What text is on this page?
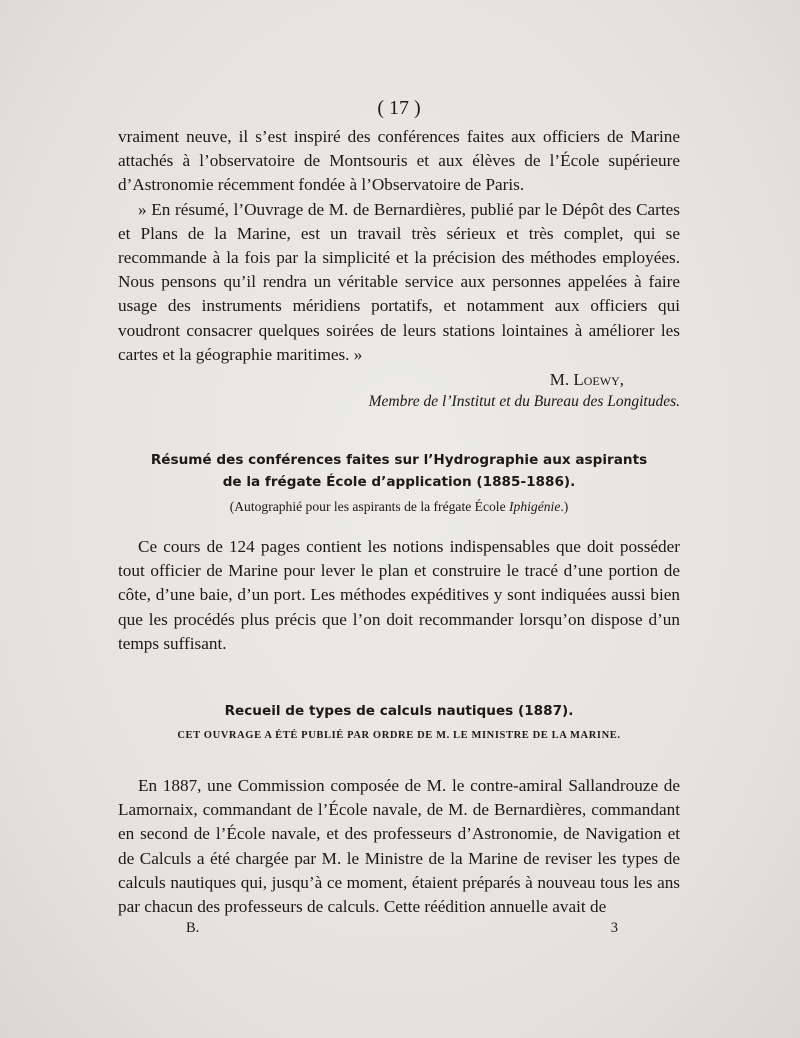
( 17 )

vraiment neuve, il s’est inspiré des conférences faites aux officiers de Marine attachés à l’observatoire de Montsouris et aux élèves de l’École supérieure d’Astronomie récemment fondée à l’Observatoire de Paris.

» En résumé, l’Ouvrage de M. de Bernardières, publié par le Dépôt des Cartes et Plans de la Marine, est un travail très sérieux et très complet, qui se recommande à la fois par la simplicité et la précision des méthodes employées. Nous pensons qu’il rendra un véritable service aux personnes appelées à faire usage des instruments méridiens portatifs, et notamment aux officiers qui voudront consacrer quelques soirées de leurs stations lointaines à améliorer les cartes et la géographie maritimes. »

M. Loewy,

Membre de l’Institut et du Bureau des Longitudes.

Résumé des conférences faites sur l’Hydrographie aux aspirants

de la frégate École d’application (1885-1886).

(Autographié pour les aspirants de la frégate École Iphigénie.)

Ce cours de 124 pages contient les notions indispensables que doit posséder tout officier de Marine pour lever le plan et construire le tracé d’une portion de côte, d’une baie, d’un port. Les méthodes expéditives y sont indiquées aussi bien que les procédés plus précis que l’on doit recommander lorsqu’on dispose d’un temps suffisant.

Recueil de types de calculs nautiques (1887).

CET OUVRAGE A ÉTÉ PUBLIÉ PAR ORDRE DE M. LE MINISTRE DE LA MARINE.

En 1887, une Commission composée de M. le contre-amiral Sallandrouze de Lamornaix, commandant de l’École navale, de M. de Bernardières, commandant en second de l’École navale, et des professeurs d’Astronomie, de Navigation et de Calculs a été chargée par M. le Ministre de la Marine de reviser les types de calculs nautiques qui, jusqu’à ce moment, étaient préparés à nouveau tous les ans par chacun des professeurs de calculs. Cette réédition annuelle avait de

B.	3
